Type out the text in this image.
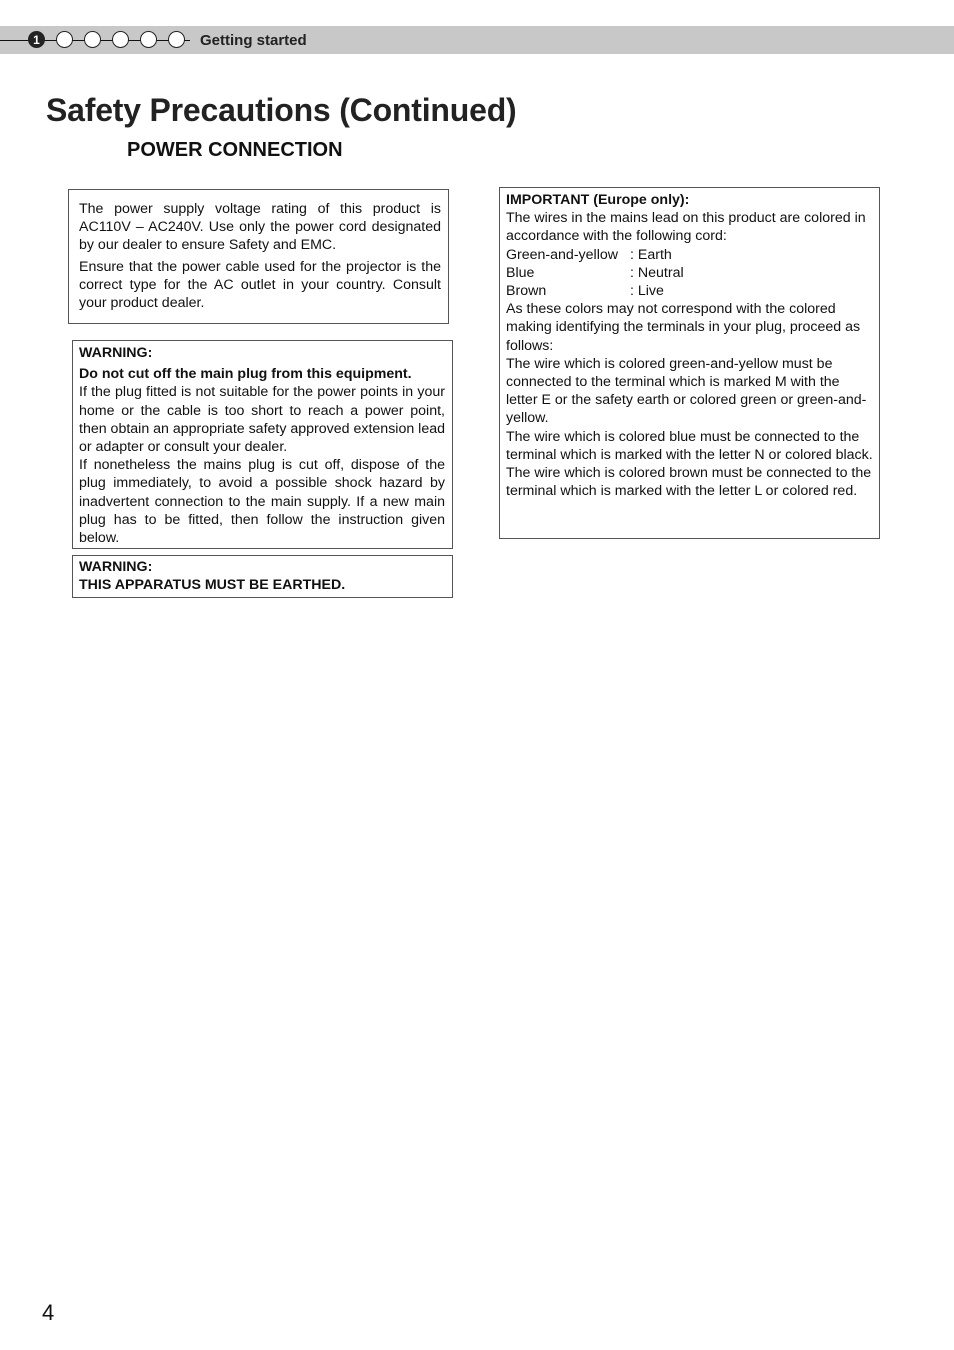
1	Getting started
Safety Precautions (Continued)
POWER CONNECTION

The power supply voltage rating of this product is AC110V – AC240V. Use only the power cord designated by our dealer to ensure Safety and EMC.

Ensure that the power cable used for the projector is the correct type for the AC outlet in your country. Consult your product dealer.

WARNING:

Do not cut off the main plug from this equipment.

If the plug fitted is not suitable for the power points in your home or the cable is too short to reach a power point, then obtain an appropriate safety approved extension lead or adapter or consult your dealer.

If nonetheless the mains plug is cut off, dispose of the plug immediately, to avoid a possible shock hazard by inadvertent connection to the main supply. If a new main plug has to be fitted, then follow the instruction given below.

WARNING:

THIS APPARATUS MUST BE EARTHED.

IMPORTANT (Europe only):

The wires in the mains lead on this product are colored in accordance with the following cord:

Green-and-yellow : Earth
Blue	: Neutral
Brown	: Live

As these colors may not correspond with the colored making identifying the terminals in your plug, proceed as follows:

The wire which is colored green-and-yellow must be connected to the terminal which is marked M with the letter E or the safety earth or colored green or green-and-yellow.

The wire which is colored blue must be connected to the terminal which is marked with the letter N or colored black.

The wire which is colored brown must be connected to the terminal which is marked with the letter L or colored red.

4
